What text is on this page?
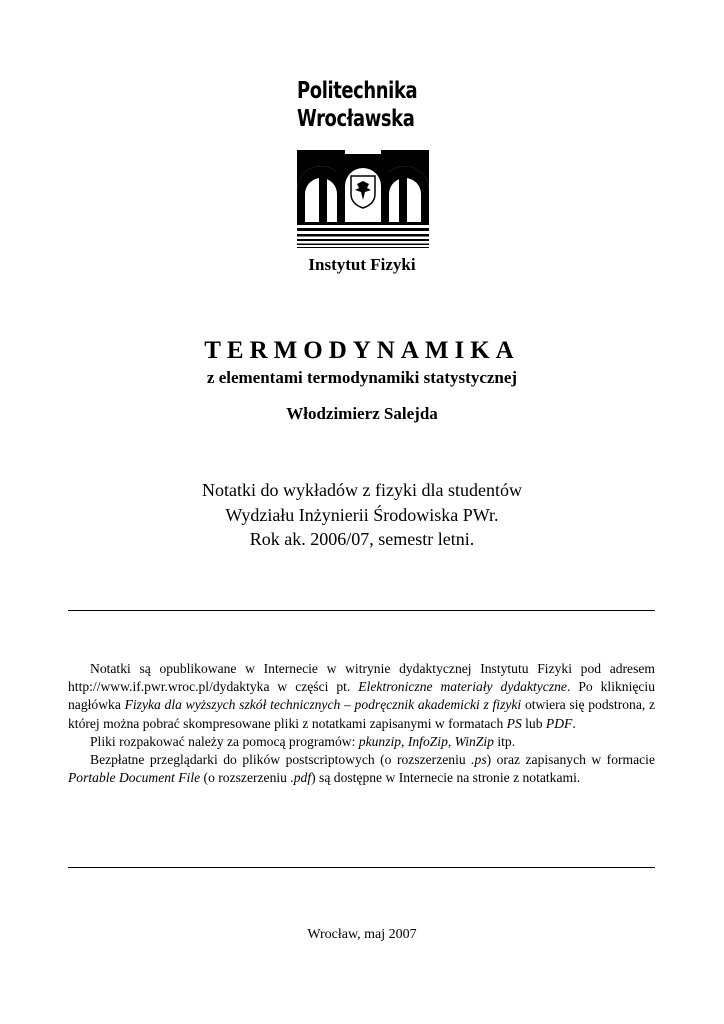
Politechnika
Wrocławska
Instytut Fizyki
TERMODYNAMIKA
z elementami termodynamiki statystycznej
Włodzimierz Salejda
Notatki do wykładów z fizyki dla studentów
Wydziału Inżynierii Środowiska PWr.
Rok ak. 2006/07, semestr letni.

Notatki są opublikowane w Internecie w witrynie dydaktycznej Instytutu Fizyki pod adresem http://www.if.pwr.wroc.pl/dydaktyka w części pt. Elektroniczne materiały dydaktyczne. Po kliknięciu nagłówka Fizyka dla wyższych szkół technicznych – podręcznik akademicki z fizyki otwiera się podstrona, z której można pobrać skompresowane pliki z notatkami zapisanymi w formatach PS lub PDF.

Pliki rozpakować należy za pomocą programów: pkunzip, InfoZip, WinZip itp.

Bezpłatne przeglądarki do plików postscriptowych (o rozszerzeniu .ps) oraz zapisanych w formacie Portable Document File (o rozszerzeniu .pdf) są dostępne w Internecie na stronie z notatkami.

Wrocław, maj 2007
